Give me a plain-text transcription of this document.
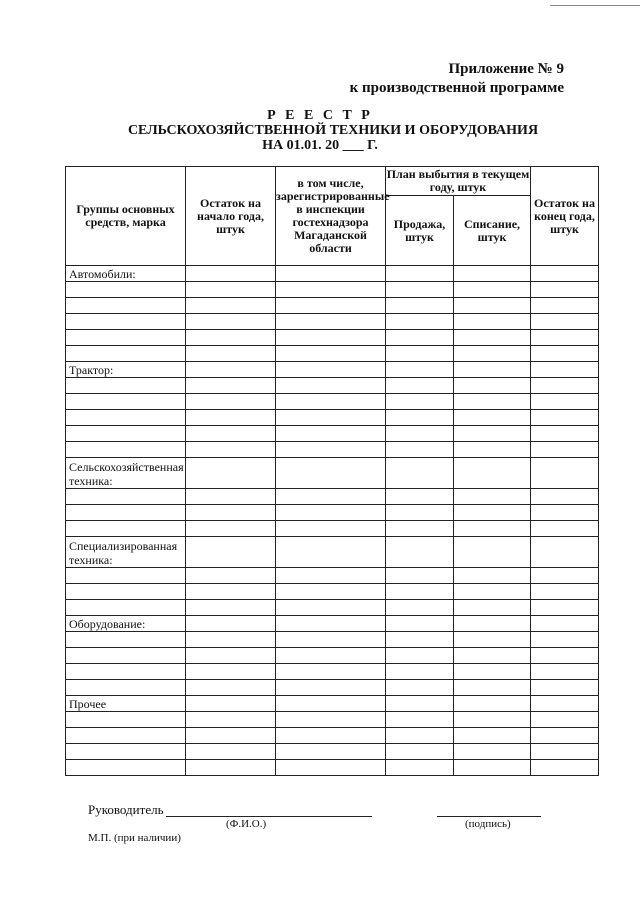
Приложение № 9
к производственной программе
Р Е Е С Т Р
СЕЛЬСКОХОЗЯЙСТВЕННОЙ ТЕХНИКИ И ОБОРУДОВАНИЯ
НА 01.01. 20 ___ Г.
Группы основных средств, марка	Остаток на начало года, штук	в том числе, зарегистрированные в инспекции гостехнадзора Магаданской области	План выбытия в текущем году, штук		Остаток на конец года, штук
			Продажа, штук	Списание, штук	
Автомобили:					

Трактор:					

Сельскохозяйственная техника:					

Специализированная техника:					

Оборудование:					

Прочее					

Руководитель
(Ф.И.О.)	(подпись)
М.П. (при наличии)
